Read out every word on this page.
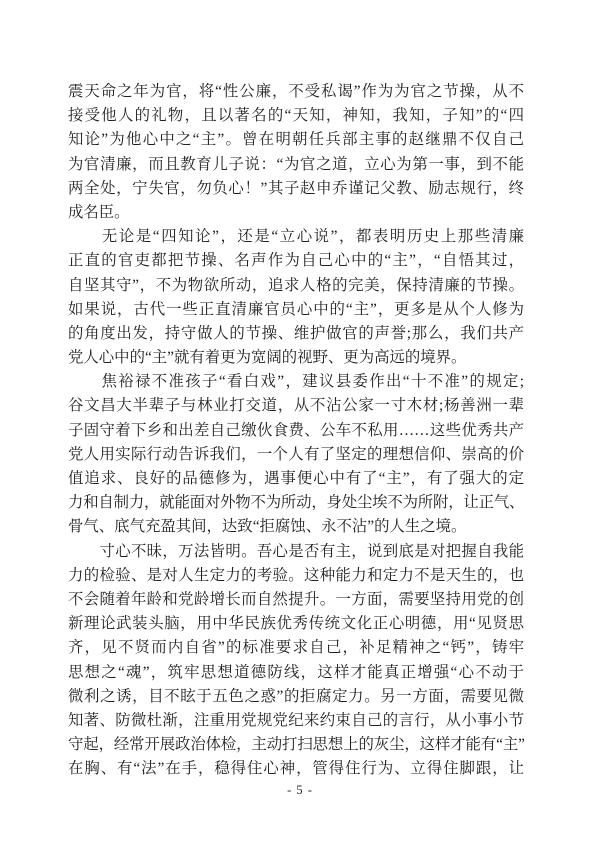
震天命之年为官，将“性公廉，不受私谒”作为为官之节操，从不
接受他人的礼物，且以著名的“天知，神知，我知，子知”的“四
知论”为他心中之“主”。曾在明朝任兵部主事的赵继鼎不仅自己
为官清廉，而且教育儿子说：“为官之道，立心为第一事，到不能
两全处，宁失官，勿负心！”其子赵申乔谨记父教、励志规行，终
成名臣。
　　无论是“四知论”，还是“立心说”，都表明历史上那些清廉
正直的官吏都把节操、名声作为自己心中的“主”，“自悟其过，
自坚其守”，不为物欲所动，追求人格的完美，保持清廉的节操。
如果说，古代一些正直清廉官员心中的“主”，更多是从个人修为
的角度出发，持守做人的节操、维护做官的声誉;那么，我们共产
党人心中的“主”就有着更为宽阔的视野、更为高远的境界。
　　焦裕禄不准孩子“看白戏”，建议县委作出“十不准”的规定;
谷文昌大半辈子与林业打交道，从不沾公家一寸木材;杨善洲一辈
子固守着下乡和出差自己缴伙食费、公车不私用……这些优秀共产
党人用实际行动告诉我们，一个人有了坚定的理想信仰、崇高的价
值追求、良好的品德修为，遇事便心中有了“主”，有了强大的定
力和自制力，就能面对外物不为所动，身处尘埃不为所附，让正气、
骨气、底气充盈其间，达致“拒腐蚀、永不沾”的人生之境。
　　寸心不昧，万法皆明。吾心是否有主，说到底是对把握自我能
力的检验、是对人生定力的考验。这种能力和定力不是天生的，也
不会随着年龄和党龄增长而自然提升。一方面，需要坚持用党的创
新理论武装头脑，用中华民族优秀传统文化正心明德，用“见贤思
齐，见不贤而内自省”的标准要求自己，补足精神之“钙”，铸牢
思想之“魂”，筑牢思想道德防线，这样才能真正增强“心不动于
微利之诱，目不眩于五色之惑”的拒腐定力。另一方面，需要见微
知著、防微杜渐，注重用党规党纪来约束自己的言行，从小事小节
守起，经常开展政治体检，主动打扫思想上的灰尘，这样才能有“主”
在胸、有“法”在手，稳得住心神，管得住行为、立得住脚跟，让
- 5 -
